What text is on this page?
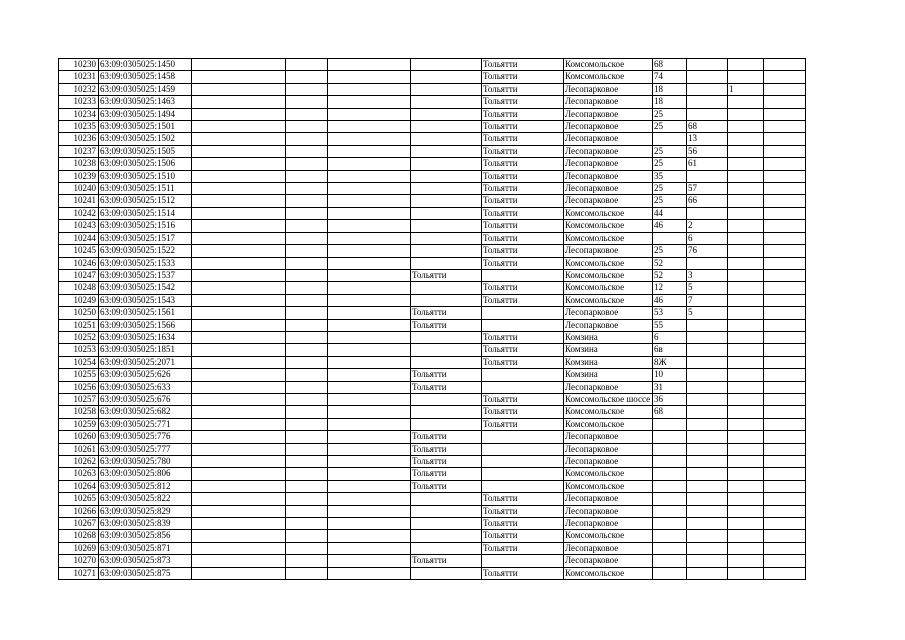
10230	63:09:0305025:1450					Тольятти	Комсомольское	68			
10231	63:09:0305025:1458					Тольятти	Комсомольское	74			
10232	63:09:0305025:1459					Тольятти	Лесопарковое	18		1	
10233	63:09:0305025:1463					Тольятти	Лесопарковое	18			
10234	63:09:0305025:1494					Тольятти	Лесопарковое	25			
10235	63:09:0305025:1501					Тольятти	Лесопарковое	25	68		
10236	63:09:0305025:1502					Тольятти	Лесопарковое		13		
10237	63:09:0305025:1505					Тольятти	Лесопарковое	25	56		
10238	63:09:0305025:1506					Тольятти	Лесопарковое	25	61		
10239	63:09:0305025:1510					Тольятти	Лесопарковое	35			
10240	63:09:0305025:1511					Тольятти	Лесопарковое	25	57		
10241	63:09:0305025:1512					Тольятти	Лесопарковое	25	66		
10242	63:09:0305025:1514					Тольятти	Комсомольское	44			
10243	63:09:0305025:1516					Тольятти	Комсомольское	46	2		
10244	63:09:0305025:1517					Тольятти	Комсомольское		6		
10245	63:09:0305025:1522					Тольятти	Лесопарковое	25	76		
10246	63:09:0305025:1533					Тольятти	Комсомольское	52			
10247	63:09:0305025:1537				Тольятти		Комсомольское	52	3		
10248	63:09:0305025:1542					Тольятти	Комсомольское	12	5		
10249	63:09:0305025:1543					Тольятти	Комсомольское	46	7		
10250	63:09:0305025:1561				Тольятти		Лесопарковое	53	5		
10251	63:09:0305025:1566				Тольятти		Лесопарковое	55			
10252	63:09:0305025:1634					Тольятти	Комзина	6			
10253	63:09:0305025:1851					Тольятти	Комзина	6в			
10254	63:09:0305025:2071					Тольятти	Комзина	8Ж			
10255	63:09:0305025:626				Тольятти		Комзина	10			
10256	63:09:0305025:633				Тольятти		Лесопарковое	31			
10257	63:09:0305025:676					Тольятти	Комсомольское шоссе	36			
10258	63:09:0305025:682					Тольятти	Комсомольское	68			
10259	63:09:0305025:771					Тольятти	Комсомольское				
10260	63:09:0305025:776				Тольятти		Лесопарковое				
10261	63:09:0305025:777				Тольятти		Лесопарковое				
10262	63:09:0305025:780				Тольятти		Лесопарковое				
10263	63:09:0305025:806				Тольятти		Комсомольское				
10264	63:09:0305025:812				Тольятти		Комсомольское				
10265	63:09:0305025:822					Тольятти	Лесопарковое				
10266	63:09:0305025:829					Тольятти	Лесопарковое				
10267	63:09:0305025:839					Тольятти	Лесопарковое				
10268	63:09:0305025:856					Тольятти	Комсомольское				
10269	63:09:0305025:871					Тольятти	Лесопарковое				
10270	63:09:0305025:873				Тольятти		Лесопарковое				
10271	63:09:0305025:875					Тольятти	Комсомольское				
